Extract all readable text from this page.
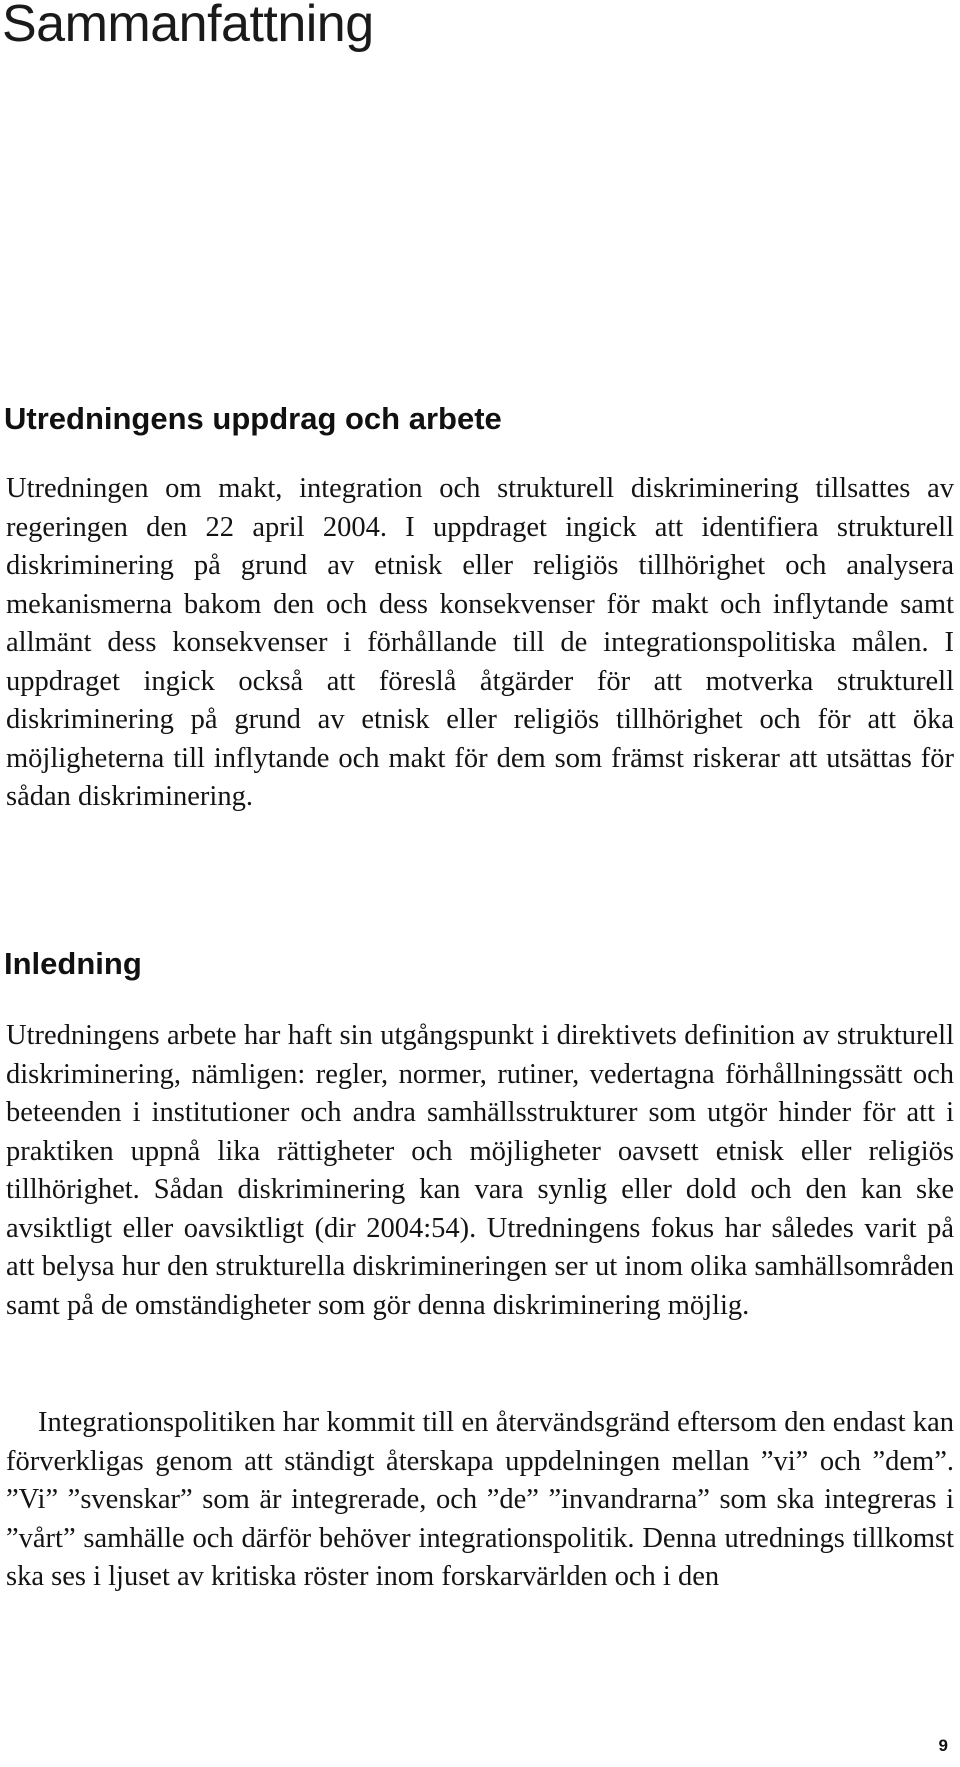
Sammanfattning
Utredningens uppdrag och arbete

Utredningen om makt, integration och strukturell diskriminering tillsattes av regeringen den 22 april 2004. I uppdraget ingick att identifiera strukturell diskriminering på grund av etnisk eller religiös tillhörighet och analysera mekanismerna bakom den och dess konsekvenser för makt och inflytande samt allmänt dess konsekvenser i förhållande till de integrationspolitiska målen. I uppdraget ingick också att föreslå åtgärder för att motverka strukturell diskriminering på grund av etnisk eller religiös tillhörighet och för att öka möjligheterna till inflytande och makt för dem som främst riskerar att utsättas för sådan diskriminering.

Inledning

Utredningens arbete har haft sin utgångspunkt i direktivets definition av strukturell diskriminering, nämligen: regler, normer, rutiner, vedertagna förhållningssätt och beteenden i institutioner och andra samhällsstrukturer som utgör hinder för att i praktiken uppnå lika rättigheter och möjligheter oavsett etnisk eller religiös tillhörighet. Sådan diskriminering kan vara synlig eller dold och den kan ske avsiktligt eller oavsiktligt (dir 2004:54). Utredningens fokus har således varit på att belysa hur den strukturella diskrimineringen ser ut inom olika samhällsområden samt på de omständigheter som gör denna diskriminering möjlig.

Integrationspolitiken har kommit till en återvändsgränd eftersom den endast kan förverkligas genom att ständigt återskapa uppdelningen mellan ”vi” och ”dem”. ”Vi” ”svenskar” som är integrerade, och ”de” ”invandrarna” som ska integreras i ”vårt” samhälle och därför behöver integrationspolitik. Denna utrednings tillkomst ska ses i ljuset av kritiska röster inom forskarvärlden och i den

9
